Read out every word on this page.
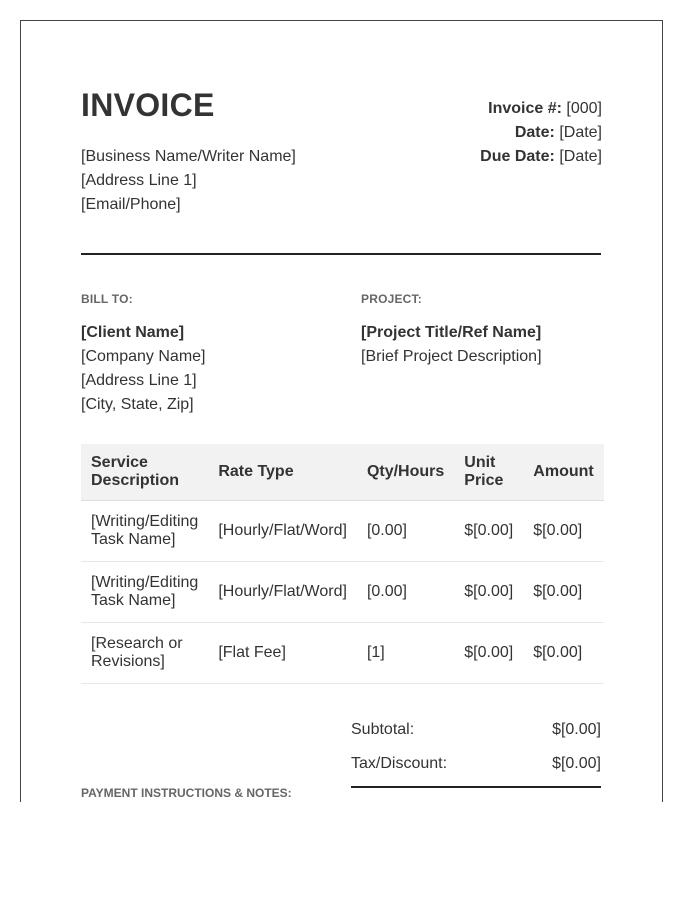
INVOICE
[Business Name/Writer Name]
[Address Line 1]
[Email/Phone]
Invoice #: [000]
Date: [Date]
Due Date: [Date]
BILL TO:
[Client Name]
[Company Name]
[Address Line 1]
[City, State, Zip]
PROJECT:
[Project Title/Ref Name]
[Brief Project Description]
Service Description	Rate Type	Qty/Hours	Unit Price	Amount
[Writing/Editing Task Name]	[Hourly/Flat/Word]	[0.00]	$[0.00]	$[0.00]
[Writing/Editing Task Name]	[Hourly/Flat/Word]	[0.00]	$[0.00]	$[0.00]
[Research or Revisions]	[Flat Fee]	[1]	$[0.00]	$[0.00]
Subtotal:	$[0.00]
Tax/Discount:	$[0.00]
PAYMENT INSTRUCTIONS & NOTES:
